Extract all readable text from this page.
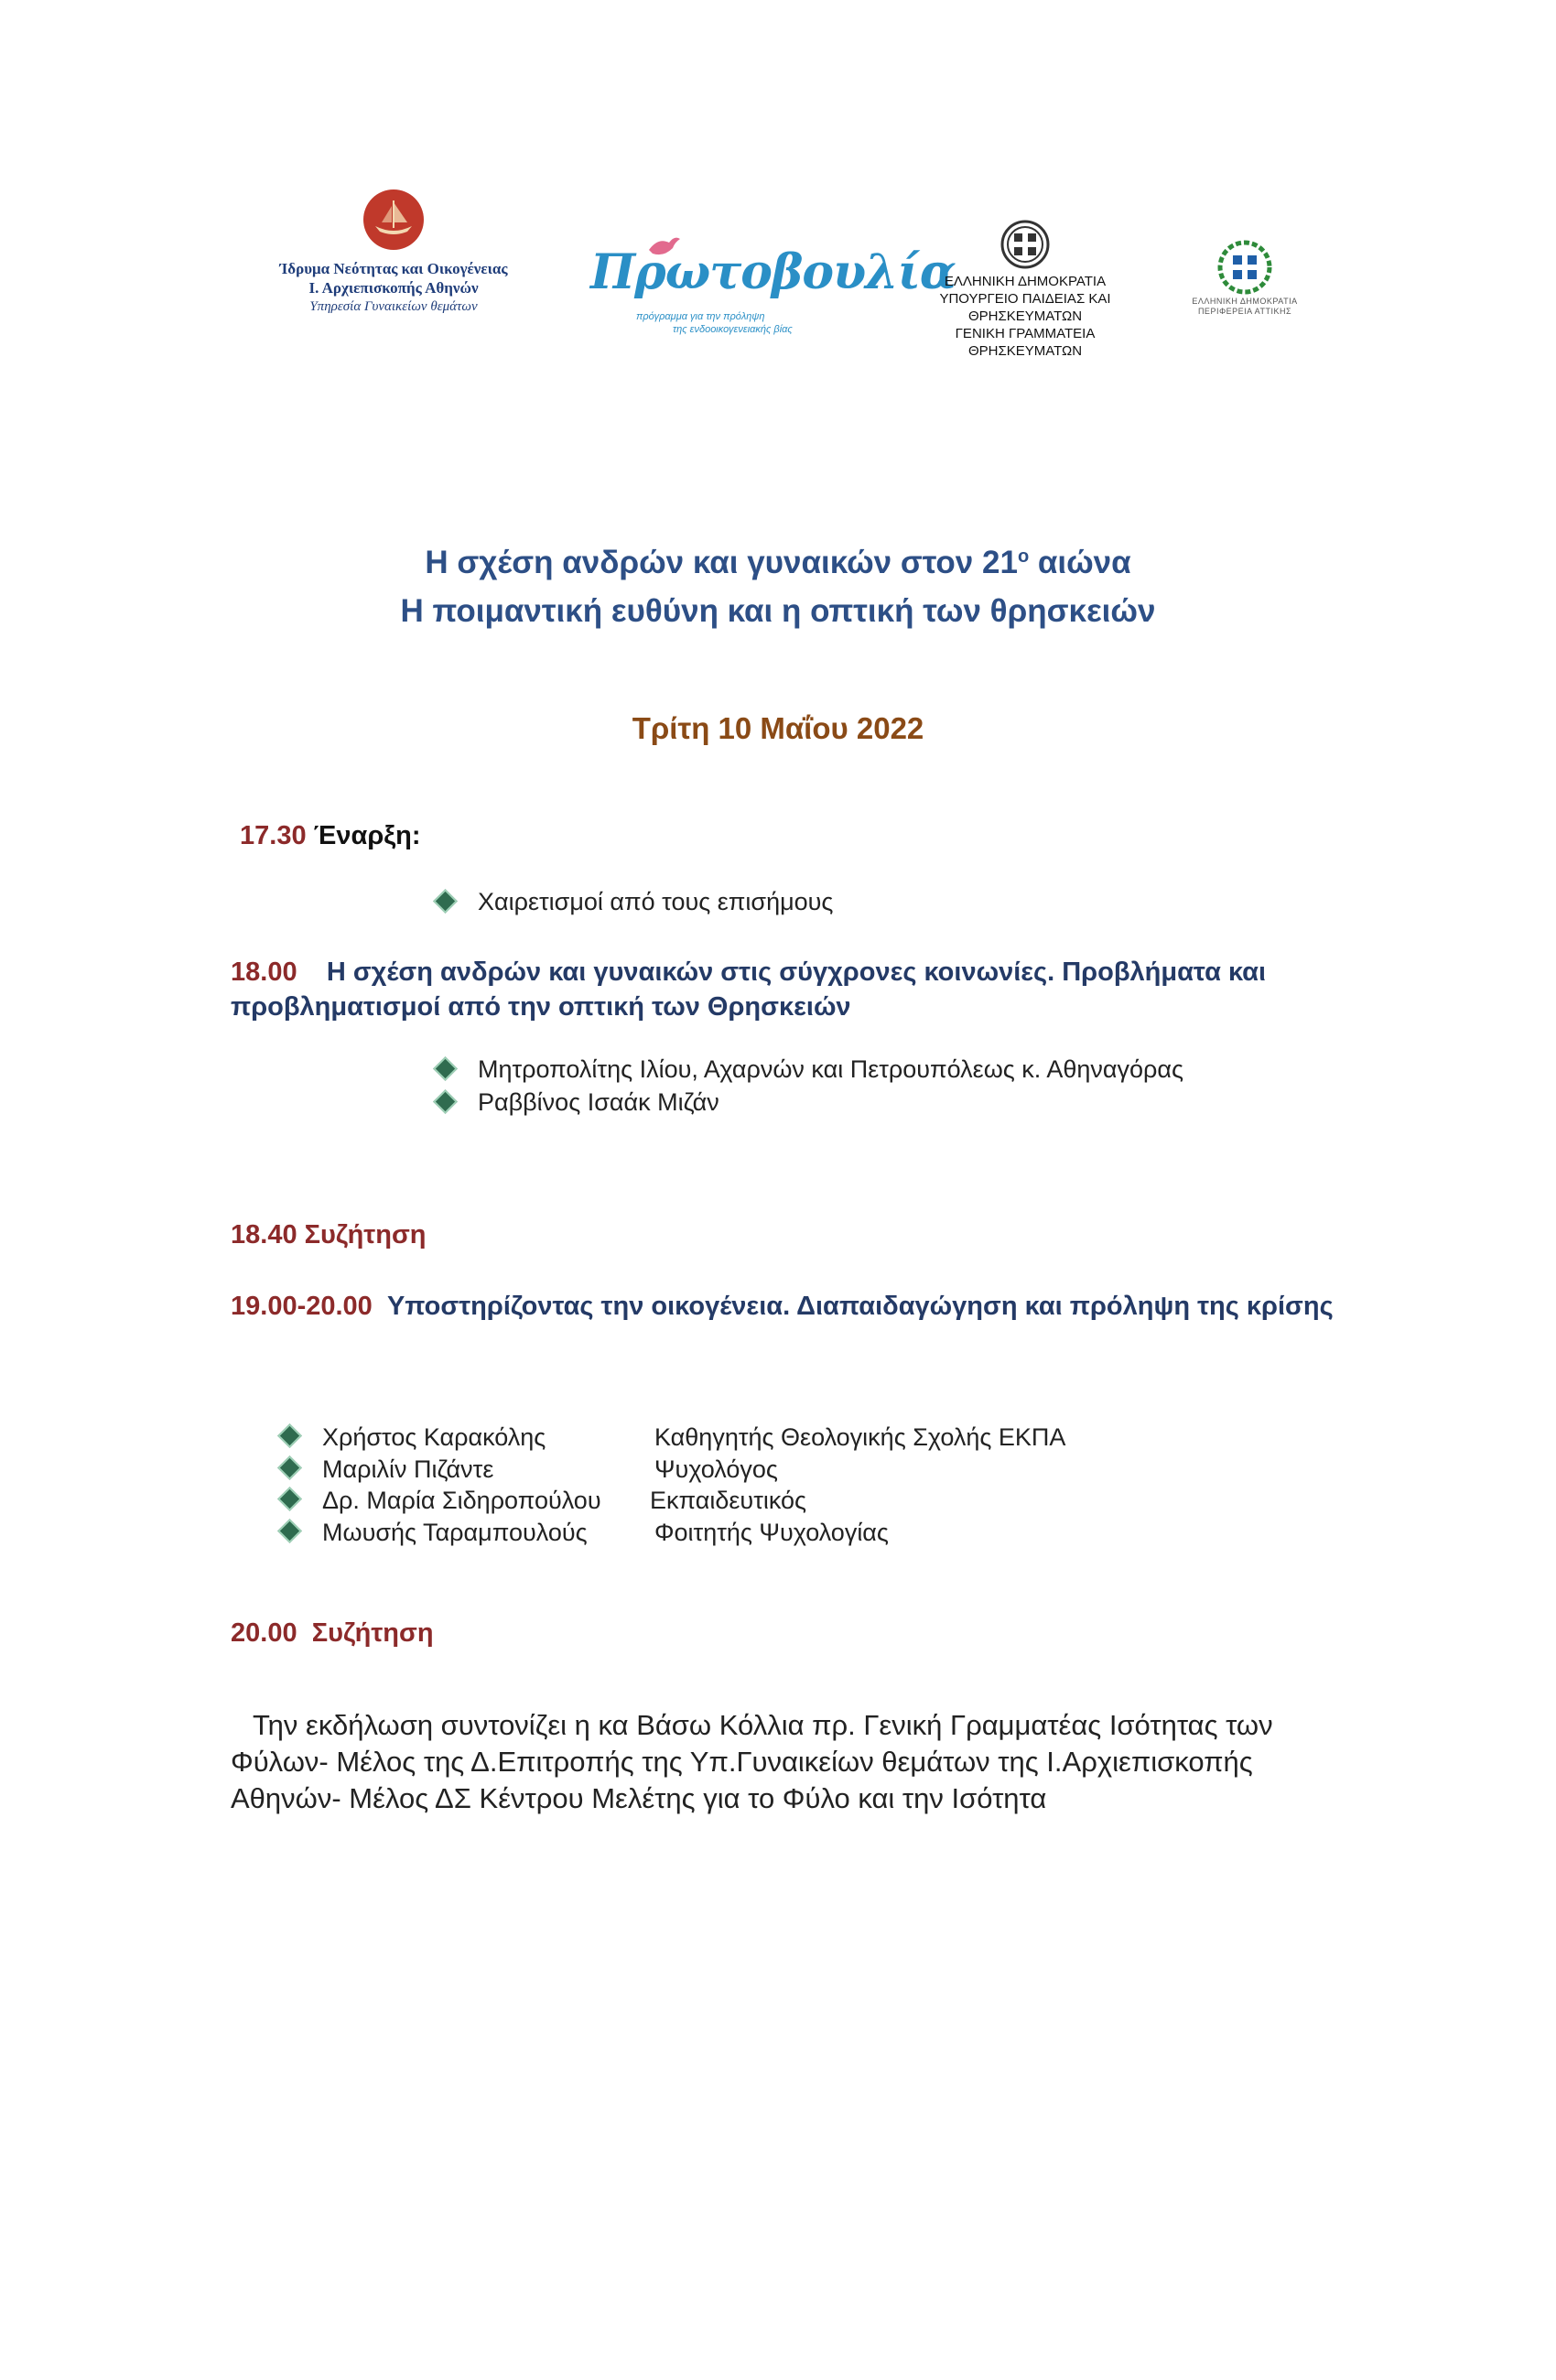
Ίδρυμα Νεότητας και Οικογένειας
Ι. Αρχιεπισκοπής Αθηνών
Υπηρεσία Γυναικείων θεμάτων
Πρωτοβουλία
πρόγραμμα για την πρόληψη
της ενδοοικογενειακής βίας
ΕΛΛΗΝΙΚΗ ΔΗΜΟΚΡΑΤΙΑ
ΥΠΟΥΡΓΕΙΟ ΠΑΙΔΕΙΑΣ ΚΑΙ
ΘΡΗΣΚΕΥΜΑΤΩΝ
ΓΕΝΙΚΗ ΓΡΑΜΜΑΤΕΙΑ
ΘΡΗΣΚΕΥΜΑΤΩΝ
ΕΛΛΗΝΙΚΗ ΔΗΜΟΚΡΑΤΙΑ
ΠΕΡΙΦΕΡΕΙΑ ΑΤΤΙΚΗΣ
Η σχέση ανδρών και γυναικών στον $21^o$ αιώνα
Η ποιμαντική ευθύνη και η οπτική των θρησκειών
Τρίτη 10 Μαΐου 2022
17.30 Έναρξη:
Χαιρετισμοί από τους επισήμους
18.00 Η σχέση ανδρών και γυναικών στις σύγχρονες κοινωνίες. Προβλήματα και προβληματισμοί από την οπτική των Θρησκειών
Μητροπολίτης Ιλίου, Αχαρνών και Πετρουπόλεως κ. Αθηναγόρας
Ραββίνος Ισαάκ Μιζάν
18.40 Συζήτηση
19.00-20.00 Υποστηρίζοντας την οικογένεια. Διαπαιδαγώγηση και πρόληψη της κρίσης
Χρήστος Καρακόλης	Καθηγητής Θεολογικής Σχολής ΕΚΠΑ
Μαριλίν Πιζάντε	Ψυχολόγος
Δρ. Μαρία Σιδηροπούλου Εκπαιδευτικός
Μωυσής Ταραμπουλούς	Φοιτητής Ψυχολογίας
20.00 Συζήτηση
Την εκδήλωση συντονίζει η κα Βάσω Κόλλια πρ. Γενική Γραμματέας Ισότητας των Φύλων- Μέλος της Δ.Επιτροπής της Υπ.Γυναικείων θεμάτων της Ι.Αρχιεπισκοπής Αθηνών- Μέλος ΔΣ Κέντρου Μελέτης για το Φύλο και την Ισότητα
